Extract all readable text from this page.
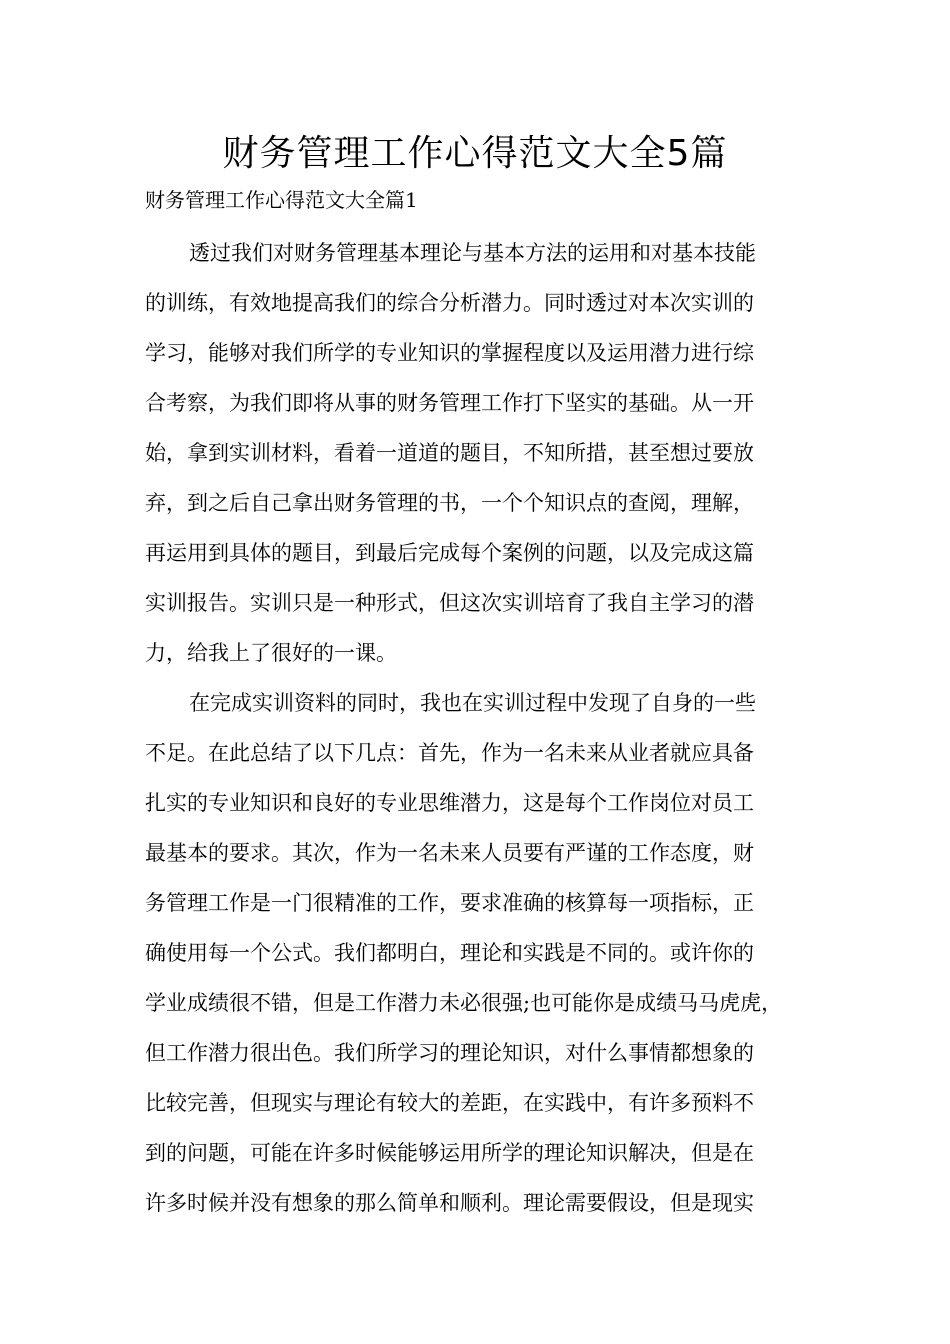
财务管理工作心得范文大全5篇

财务管理工作心得范文大全篇1

透过我们对财务管理基本理论与基本方法的运用和对基本技能
的训练，有效地提高我们的综合分析潜力。同时透过对本次实训的
学习，能够对我们所学的专业知识的掌握程度以及运用潜力进行综
合考察，为我们即将从事的财务管理工作打下坚实的基础。从一开
始，拿到实训材料，看着一道道的题目，不知所措，甚至想过要放
弃，到之后自己拿出财务管理的书，一个个知识点的查阅，理解，
再运用到具体的题目，到最后完成每个案例的问题，以及完成这篇
实训报告。实训只是一种形式，但这次实训培育了我自主学习的潜
力，给我上了很好的一课。
在完成实训资料的同时，我也在实训过程中发现了自身的一些
不足。在此总结了以下几点：首先，作为一名未来从业者就应具备
扎实的专业知识和良好的专业思维潜力，这是每个工作岗位对员工
最基本的要求。其次，作为一名未来人员要有严谨的工作态度，财
务管理工作是一门很精准的工作，要求准确的核算每一项指标，正
确使用每一个公式。我们都明白，理论和实践是不同的。或许你的
学业成绩很不错，但是工作潜力未必很强;也可能你是成绩马马虎虎，
但工作潜力很出色。我们所学习的理论知识，对什么事情都想象的
比较完善，但现实与理论有较大的差距，在实践中，有许多预料不
到的问题，可能在许多时候能够运用所学的理论知识解决，但是在
许多时候并没有想象的那么简单和顺利。理论需要假设，但是现实
